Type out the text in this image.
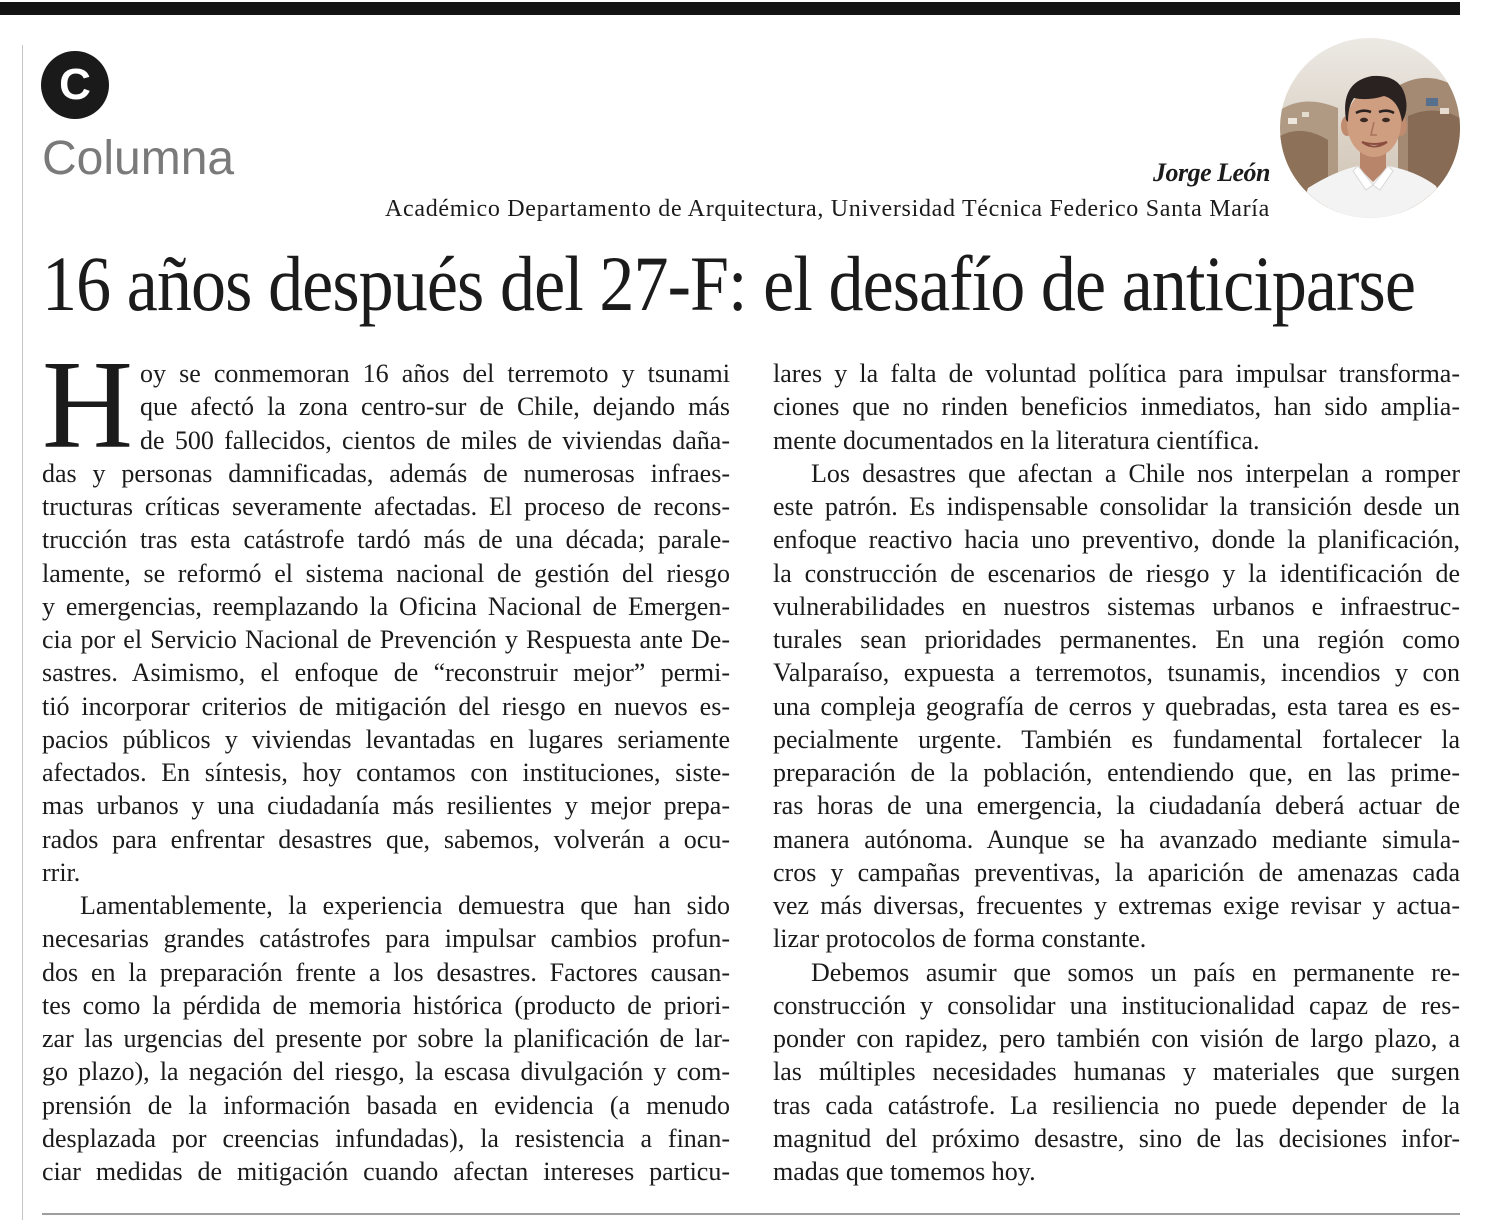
C
Columna	Jorge León
Académico Departamento de Arquitectura, Universidad Técnica Federico Santa María
16 años después del 27-F: el desafío de anticiparse
H oy se conmemoran 16 años del terremoto y tsunami
que afectó la zona centro-sur de Chile, dejando más
de 500 fallecidos, cientos de miles de viviendas daña-
das y personas damnificadas, además de numerosas infraes-
tructuras críticas severamente afectadas. El proceso de recons-
trucción tras esta catástrofe tardó más de una década; parale-
lamente, se reformó el sistema nacional de gestión del riesgo
y emergencias, reemplazando la Oficina Nacional de Emergen-
cia por el Servicio Nacional de Prevención y Respuesta ante De-
sastres. Asimismo, el enfoque de “reconstruir mejor” permi-
tió incorporar criterios de mitigación del riesgo en nuevos es-
pacios públicos y viviendas levantadas en lugares seriamente
afectados. En síntesis, hoy contamos con instituciones, siste-
mas urbanos y una ciudadanía más resilientes y mejor prepa-
rados para enfrentar desastres que, sabemos, volverán a ocu-
rrir.
Lamentablemente, la experiencia demuestra que han sido
necesarias grandes catástrofes para impulsar cambios profun-
dos en la preparación frente a los desastres. Factores causan-
tes como la pérdida de memoria histórica (producto de priori-
zar las urgencias del presente por sobre la planificación de lar-
go plazo), la negación del riesgo, la escasa divulgación y com-
prensión de la información basada en evidencia (a menudo
desplazada por creencias infundadas), la resistencia a finan-
ciar medidas de mitigación cuando afectan intereses particu-
lares y la falta de voluntad política para impulsar transforma-
ciones que no rinden beneficios inmediatos, han sido amplia-
mente documentados en la literatura científica.
Los desastres que afectan a Chile nos interpelan a romper
este patrón. Es indispensable consolidar la transición desde un
enfoque reactivo hacia uno preventivo, donde la planificación,
la construcción de escenarios de riesgo y la identificación de
vulnerabilidades en nuestros sistemas urbanos e infraestruc-
turales sean prioridades permanentes. En una región como
Valparaíso, expuesta a terremotos, tsunamis, incendios y con
una compleja geografía de cerros y quebradas, esta tarea es es-
pecialmente urgente. También es fundamental fortalecer la
preparación de la población, entendiendo que, en las prime-
ras horas de una emergencia, la ciudadanía deberá actuar de
manera autónoma. Aunque se ha avanzado mediante simula-
cros y campañas preventivas, la aparición de amenazas cada
vez más diversas, frecuentes y extremas exige revisar y actua-
lizar protocolos de forma constante.
Debemos asumir que somos un país en permanente re-
construcción y consolidar una institucionalidad capaz de res-
ponder con rapidez, pero también con visión de largo plazo, a
las múltiples necesidades humanas y materiales que surgen
tras cada catástrofe. La resiliencia no puede depender de la
magnitud del próximo desastre, sino de las decisiones infor-
madas que tomemos hoy.
